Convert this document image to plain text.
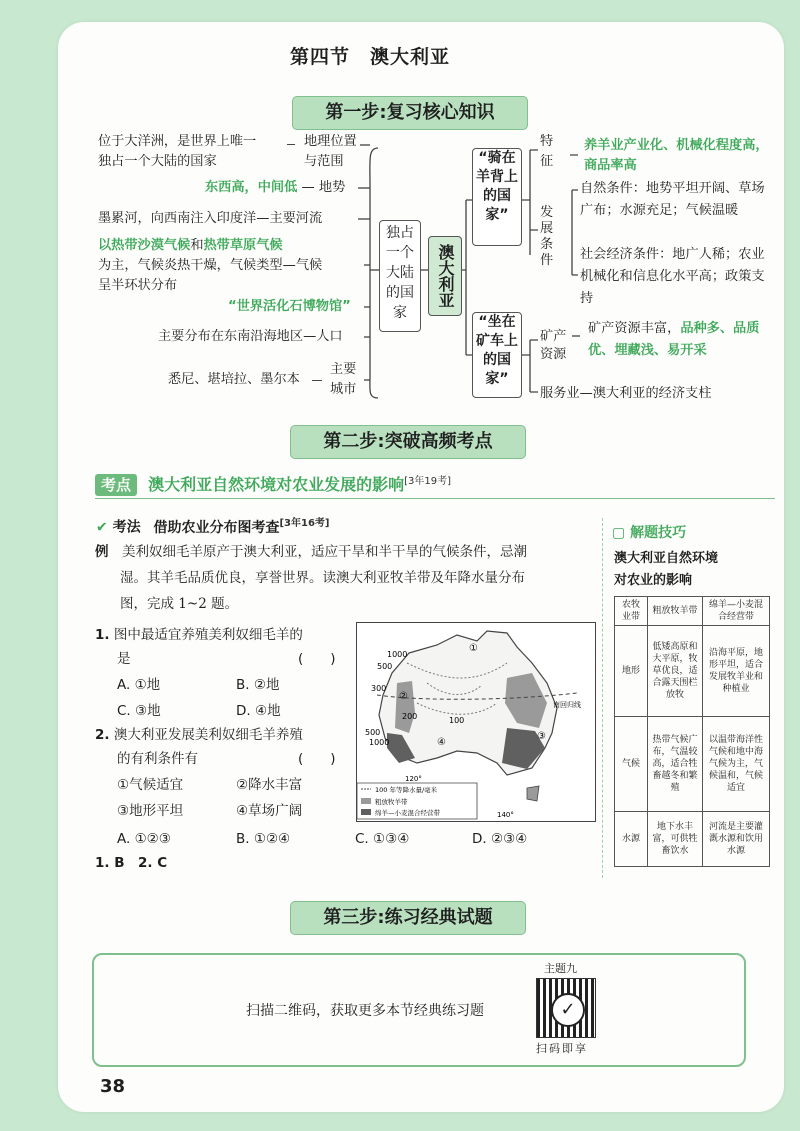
第四节　澳大利亚
第一步:复习核心知识
位于大洋洲，是世界上唯一
独占一个大陆的国家
地理位置与范围
东西高，中间低 — 地势
墨累河，向西南注入印度洋—主要河流
以热带沙漠气候和热带草原气候
为主，气候炎热干燥，气候类型—气候
呈半环状分布
“世界活化石博物馆”
主要分布在东南沿海地区—人口
悉尼、堪培拉、墨尔本
主要城市
独占一个大陆的国家
澳大利亚
“骑在羊背上的国家”
“坐在矿车上的国家”
特征
养羊业产业化、机械化程度高，商品率高
发展条件
自然条件：地势平坦开阔、草场广布；水源充足；气候温暖
社会经济条件：地广人稀；农业机械化和信息化水平高；政策支持
矿产资源
矿产资源丰富，品种多、品质优、埋藏浅、易开采
服务业—澳大利亚的经济支柱
第二步:突破高频考点
考点 澳大利亚自然环境对农业发展的影响[3年19考]
✔ 考法 借助农业分布图考查[3年16考]
例　 美利奴细毛羊原产于澳大利亚，适应干旱和半干旱的气候条件，忌潮
湿。其羊毛品质优良，享誉世界。读澳大利亚牧羊带及年降水量分布
图，完成 1~2 题。
1. 图中最适宜养殖美利奴细毛羊的
是	(　　)
A. ①地	B. ②地
C. ③地	D. ④地
2. 澳大利亚发展美利奴细毛羊养殖
的有利条件有	(　　)
①气候适宜	②降水丰富
③地形平坦	④草场广阔
A. ①②③	B. ①②④	C. ①③④	D. ②③④
1. B　 2. C
1000
500
300
200	100
500
1000
①
②
③
④
南回归线
120°
140°
100 年等降水量/毫米
粗放牧羊带
绵羊—小麦混合经营带
▢ 解题技巧
澳大利亚自然环境
对农业的影响
农牧业带	粗放牧羊带	绵羊—小麦混合经营带
地形	低矮高原和大平原，牧草优良，适合露天围栏放牧	沿海平原，地形平坦，适合发展牧羊业和种植业
气候	热带气候广布，气温较高，适合牲畜越冬和繁殖	以温带海洋性气候和地中海气候为主，气候温和，气候适宜
水源	地下水丰富，可供牲畜饮水	河流是主要灌溉水源和饮用水源
第三步:练习经典试题
扫描二维码，获取更多本节经典练习题
主题九
✓
扫码即享
38
